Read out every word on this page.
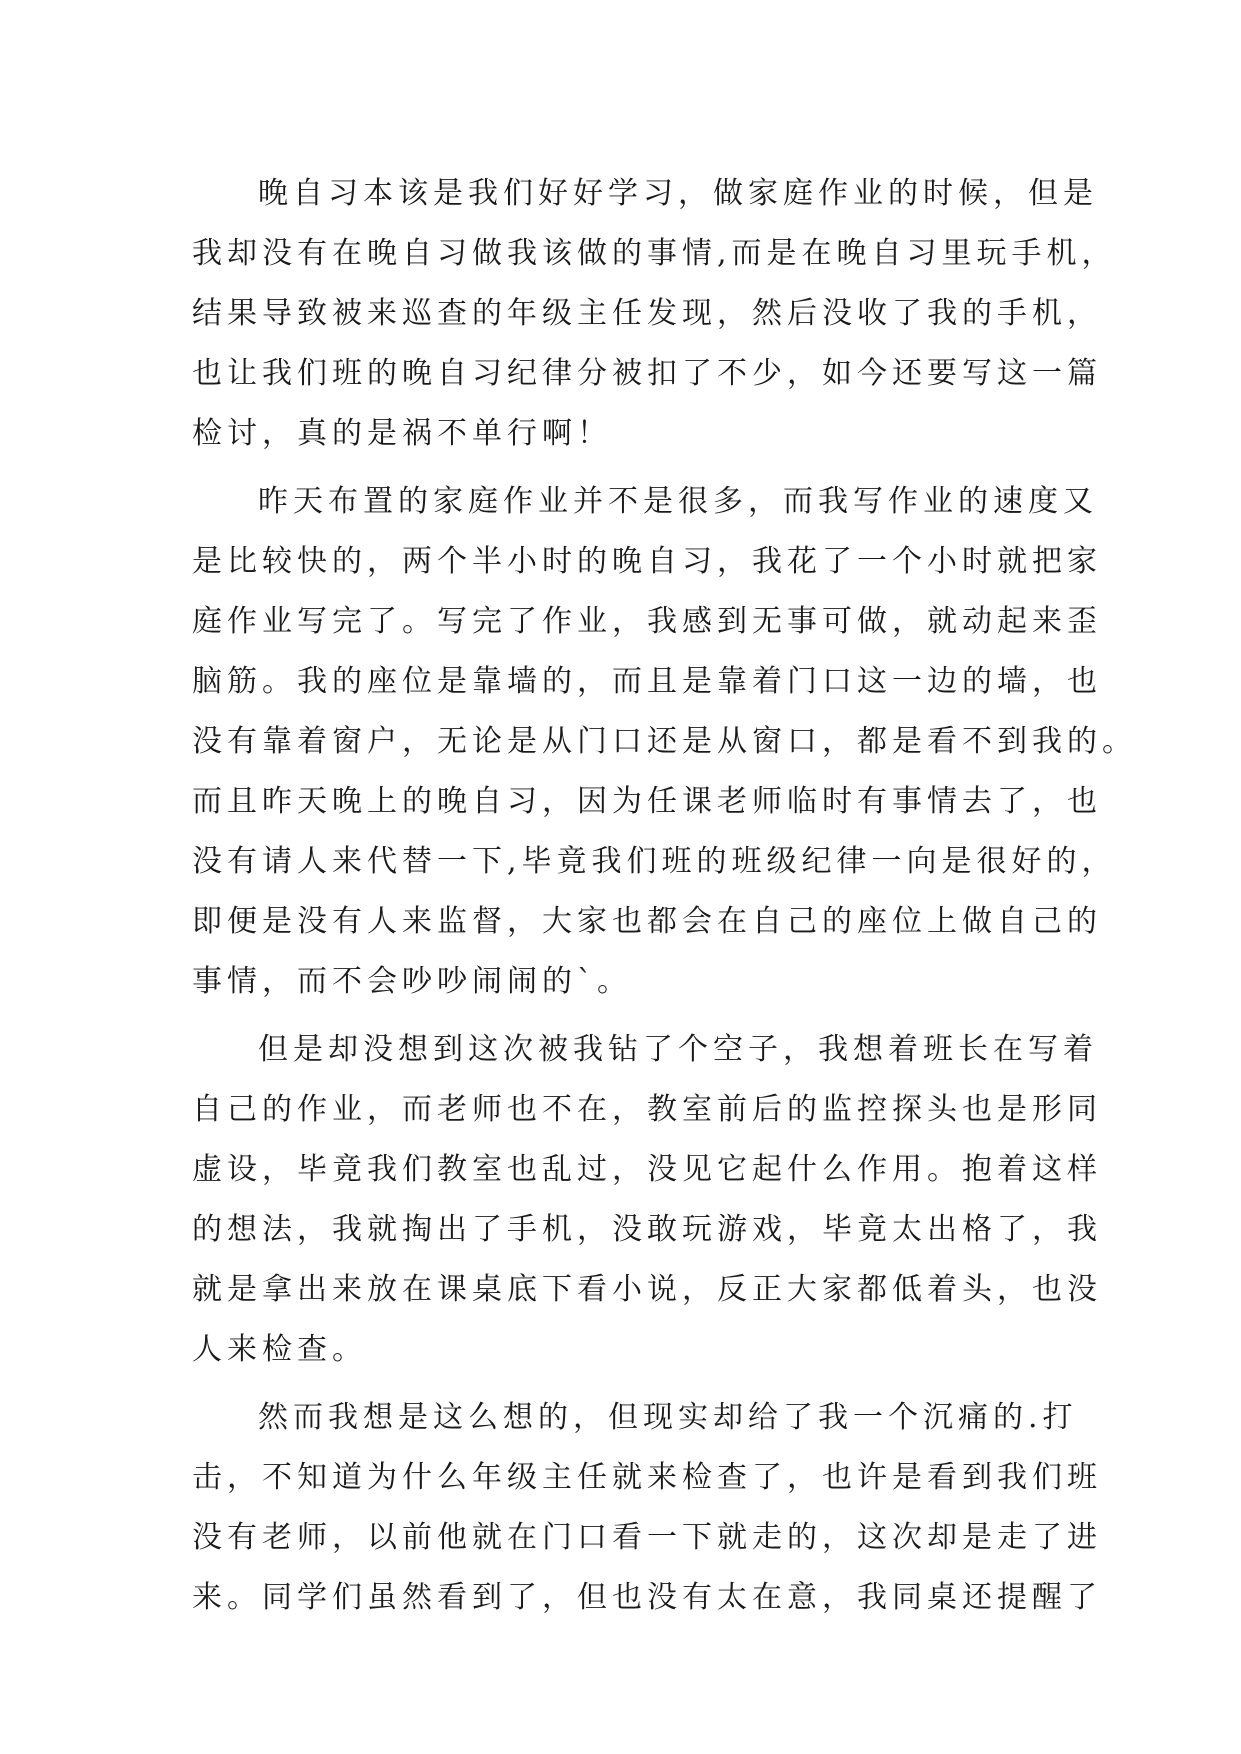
晚自习本该是我们好好学习，做家庭作业的时候，但是
我却没有在晚自习做我该做的事情,而是在晚自习里玩手机，
结果导致被来巡查的年级主任发现，然后没收了我的手机，
也让我们班的晚自习纪律分被扣了不少，如今还要写这一篇
检讨，真的是祸不单行啊！
昨天布置的家庭作业并不是很多，而我写作业的速度又
是比较快的，两个半小时的晚自习，我花了一个小时就把家
庭作业写完了。写完了作业，我感到无事可做，就动起来歪
脑筋。我的座位是靠墙的，而且是靠着门口这一边的墙，也
没有靠着窗户，无论是从门口还是从窗口，都是看不到我的。
而且昨天晚上的晚自习，因为任课老师临时有事情去了，也
没有请人来代替一下,毕竟我们班的班级纪律一向是很好的，
即便是没有人来监督，大家也都会在自己的座位上做自己的
事情，而不会吵吵闹闹的`。
但是却没想到这次被我钻了个空子，我想着班长在写着
自己的作业，而老师也不在，教室前后的监控探头也是形同
虚设，毕竟我们教室也乱过，没见它起什么作用。抱着这样
的想法，我就掏出了手机，没敢玩游戏，毕竟太出格了，我
就是拿出来放在课桌底下看小说，反正大家都低着头，也没
人来检查。
然而我想是这么想的，但现实却给了我一个沉痛的.打
击，不知道为什么年级主任就来检查了，也许是看到我们班
没有老师，以前他就在门口看一下就走的，这次却是走了进
来。同学们虽然看到了，但也没有太在意，我同桌还提醒了
